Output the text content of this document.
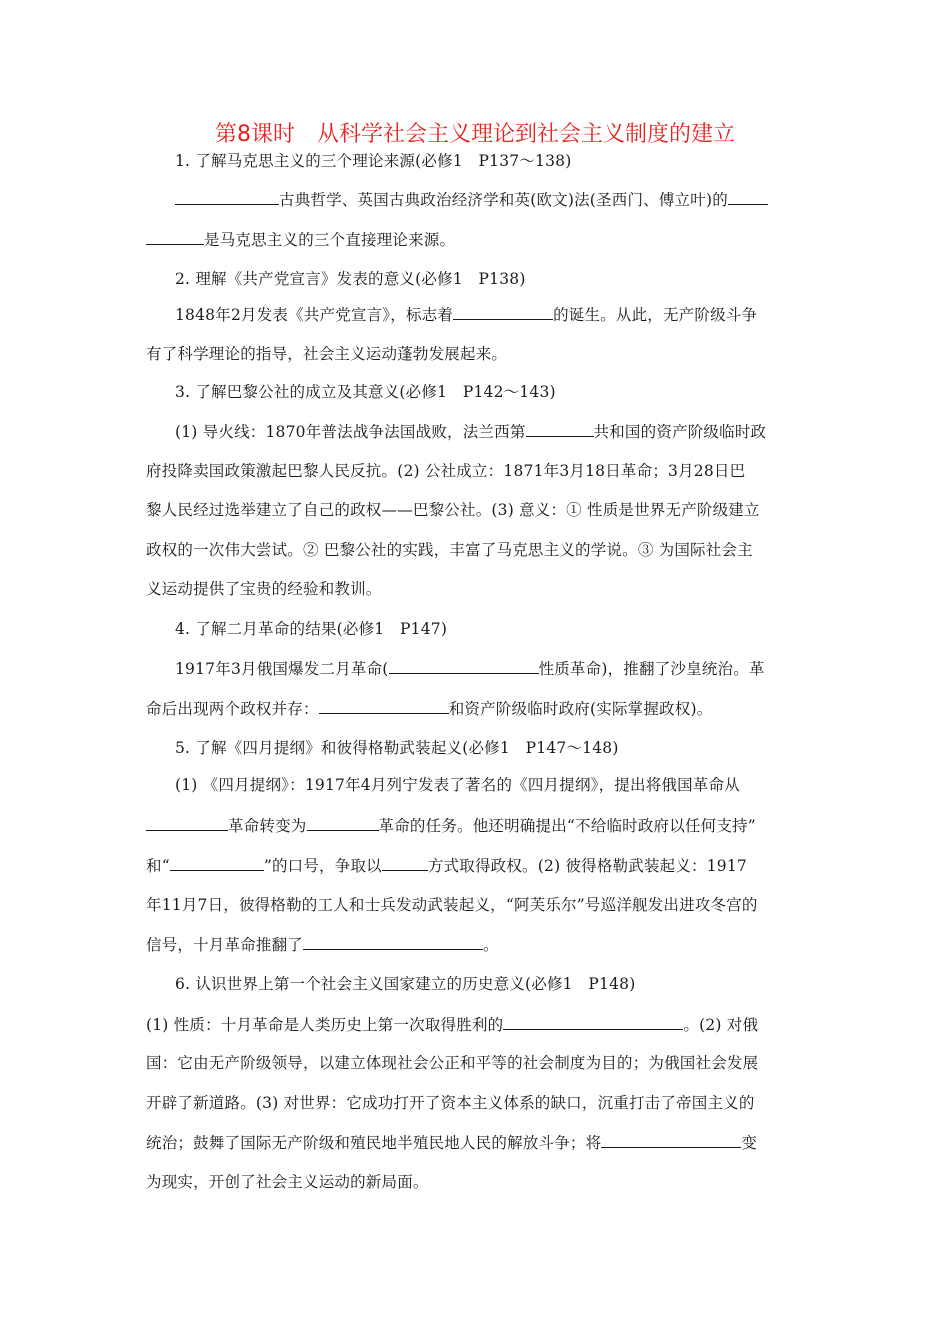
第8课时　从科学社会主义理论到社会主义制度的建立
1. 了解马克思主义的三个理论来源(必修1　P137～138)
古典哲学、英国古典政治经济学和英(欧文)法(圣西门、傅立叶)的
是马克思主义的三个直接理论来源。
2. 理解《共产党宣言》发表的意义(必修1　P138)
1848年2月发表《共产党宣言》，标志着	的诞生。从此，无产阶级斗争
有了科学理论的指导，社会主义运动蓬勃发展起来。
3. 了解巴黎公社的成立及其意义(必修1　P142～143)
(1) 导火线：1870年普法战争法国战败，法兰西第	共和国的资产阶级临时政
府投降卖国政策激起巴黎人民反抗。(2) 公社成立：1871年3月18日革命；3月28日巴
黎人民经过选举建立了自己的政权——巴黎公社。(3) 意义：① 性质是世界无产阶级建立
政权的一次伟大尝试。② 巴黎公社的实践，丰富了马克思主义的学说。③ 为国际社会主
义运动提供了宝贵的经验和教训。
4. 了解二月革命的结果(必修1　P147)
1917年3月俄国爆发二月革命(	性质革命)，推翻了沙皇统治。革
命后出现两个政权并存：	和资产阶级临时政府(实际掌握政权)。
5. 了解《四月提纲》和彼得格勒武装起义(必修1　P147～148)
(1) 《四月提纲》：1917年4月列宁发表了著名的《四月提纲》，提出将俄国革命从
革命转变为	革命的任务。他还明确提出“不给临时政府以任何支持”
和“	”的口号，争取以	方式取得政权。(2) 彼得格勒武装起义：1917
年11月7日，彼得格勒的工人和士兵发动武装起义，“阿芙乐尔”号巡洋舰发出进攻冬宫的
信号，十月革命推翻了	。
6. 认识世界上第一个社会主义国家建立的历史意义(必修1　P148)
(1) 性质：十月革命是人类历史上第一次取得胜利的	。(2) 对俄
国：它由无产阶级领导，以建立体现社会公正和平等的社会制度为目的；为俄国社会发展
开辟了新道路。(3) 对世界：它成功打开了资本主义体系的缺口，沉重打击了帝国主义的
统治；鼓舞了国际无产阶级和殖民地半殖民地人民的解放斗争；将	变
为现实，开创了社会主义运动的新局面。
